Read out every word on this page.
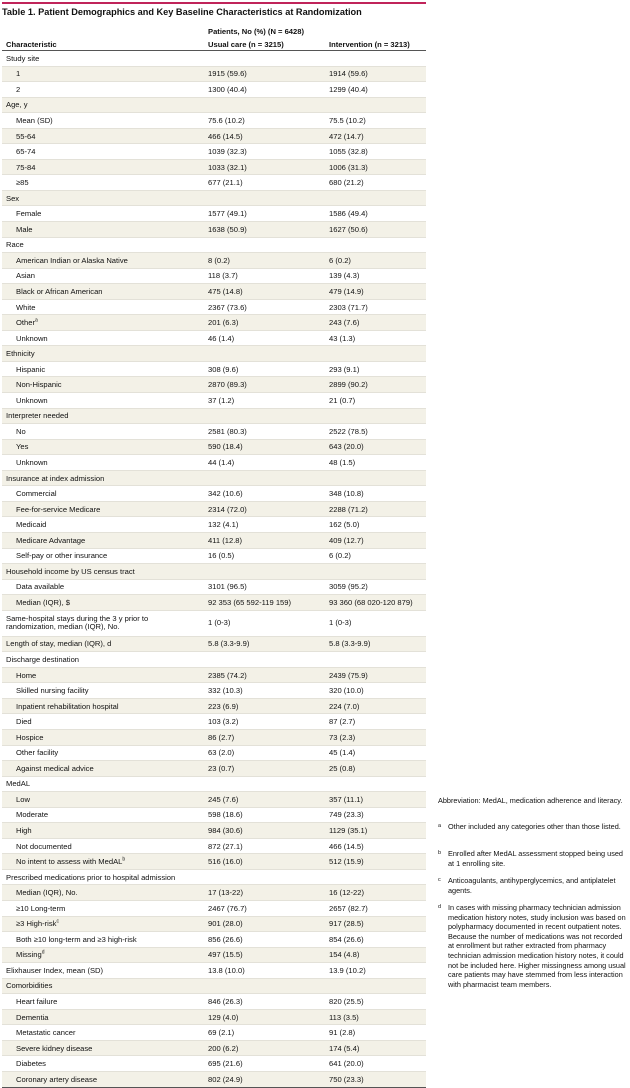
Table 1. Patient Demographics and Key Baseline Characteristics at Randomization
	Patients, No (%) (N = 6428)	
Characteristic	Usual care (n = 3215)	Intervention (n = 3213)
Study site		
1	1915 (59.6)	1914 (59.6)
2	1300 (40.4)	1299 (40.4)
Age, y		
Mean (SD)	75.6 (10.2)	75.5 (10.2)
55-64	466 (14.5)	472 (14.7)
65-74	1039 (32.3)	1055 (32.8)
75-84	1033 (32.1)	1006 (31.3)
≥85	677 (21.1)	680 (21.2)
Sex		
Female	1577 (49.1)	1586 (49.4)
Male	1638 (50.9)	1627 (50.6)
Race		
American Indian or Alaska Native	8 (0.2)	6 (0.2)
Asian	118 (3.7)	139 (4.3)
Black or African American	475 (14.8)	479 (14.9)
White	2367 (73.6)	2303 (71.7)
Other$^a$	201 (6.3)	243 (7.6)
Unknown	46 (1.4)	43 (1.3)
Ethnicity		
Hispanic	308 (9.6)	293 (9.1)
Non-Hispanic	2870 (89.3)	2899 (90.2)
Unknown	37 (1.2)	21 (0.7)
Interpreter needed		
No	2581 (80.3)	2522 (78.5)
Yes	590 (18.4)	643 (20.0)
Unknown	44 (1.4)	48 (1.5)
Insurance at index admission		
Commercial	342 (10.6)	348 (10.8)
Fee-for-service Medicare	2314 (72.0)	2288 (71.2)
Medicaid	132 (4.1)	162 (5.0)
Medicare Advantage	411 (12.8)	409 (12.7)
Self-pay or other insurance	16 (0.5)	6 (0.2)
Household income by US census tract		
Data available	3101 (96.5)	3059 (95.2)
Median (IQR), $	92 353 (65 592-119 159)	93 360 (68 020-120 879)
Same-hospital stays during the 3 y prior to randomization, median (IQR), No.	1 (0-3)	1 (0-3)
Length of stay, median (IQR), d	5.8 (3.3-9.9)	5.8 (3.3-9.9)
Discharge destination		
Home	2385 (74.2)	2439 (75.9)
Skilled nursing facility	332 (10.3)	320 (10.0)
Inpatient rehabilitation hospital	223 (6.9)	224 (7.0)
Died	103 (3.2)	87 (2.7)
Hospice	86 (2.7)	73 (2.3)
Other facility	63 (2.0)	45 (1.4)
Against medical advice	23 (0.7)	25 (0.8)
MedAL		
Low	245 (7.6)	357 (11.1)
Moderate	598 (18.6)	749 (23.3)
High	984 (30.6)	1129 (35.1)
Not documented	872 (27.1)	466 (14.5)
No intent to assess with MedAL$^b$	516 (16.0)	512 (15.9)
Prescribed medications prior to hospital admission		
Median (IQR), No.	17 (13-22)	16 (12-22)
≥10 Long-term	2467 (76.7)	2657 (82.7)
≥3 High-risk$^c$	901 (28.0)	917 (28.5)
Both ≥10 long-term and ≥3 high-risk	856 (26.6)	854 (26.6)
Missing$^d$	497 (15.5)	154 (4.8)
Elixhauser Index, mean (SD)	13.8 (10.0)	13.9 (10.2)
Comorbidities		
Heart failure	846 (26.3)	820 (25.5)
Dementia	129 (4.0)	113 (3.5)
Metastatic cancer	69 (2.1)	91 (2.8)
Severe kidney disease	200 (6.2)	174 (5.4)
Diabetes	695 (21.6)	641 (20.0)
Coronary artery disease	802 (24.9)	750 (23.3)
Abbreviation: MedAL, medication adherence and literacy.
a Other included any categories other than those listed.
b Enrolled after MedAL assessment stopped being used at 1 enrolling site.
c Anticoagulants, antihyperglycemics, and antiplatelet agents.
d In cases with missing pharmacy technician admission medication history notes, study inclusion was based on polypharmacy documented in recent outpatient notes. Because the number of medications was not recorded at enrollment but rather extracted from pharmacy technician admission medication history notes, it could not be included here. Higher missingness among usual care patients may have stemmed from less interaction with pharmacist team members.
